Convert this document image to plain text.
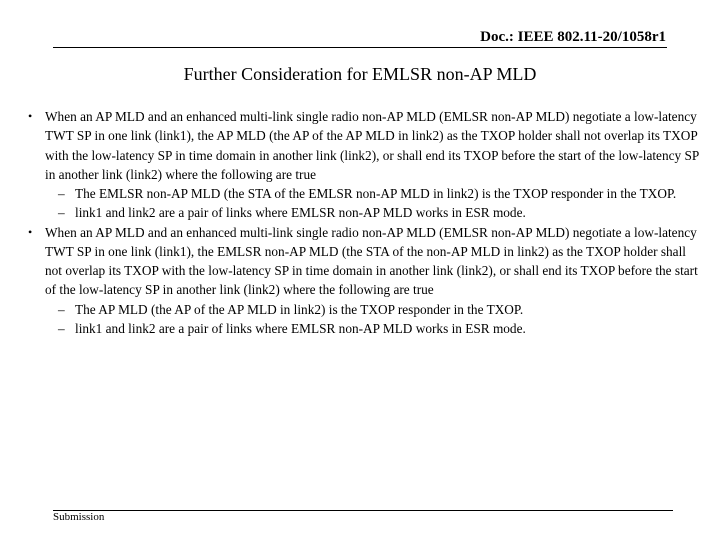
Doc.: IEEE 802.11-20/1058r1
Further Consideration for EMLSR non-AP MLD
• When an AP MLD and an enhanced multi-link single radio non-AP MLD (EMLSR non-AP MLD) negotiate a low-latency TWT SP in one link (link1), the AP MLD (the AP of the AP MLD in link2) as the TXOP holder shall not overlap its TXOP with the low-latency SP in time domain in another link (link2), or shall end its TXOP before the start of the low-latency SP in another link (link2) where the following are true
– The EMLSR non-AP MLD (the STA of the EMLSR non-AP MLD in link2) is the TXOP responder in the TXOP.
– link1 and link2 are a pair of links where EMLSR non-AP MLD works in ESR mode.
• When an AP MLD and an enhanced multi-link single radio non-AP MLD (EMLSR non-AP MLD) negotiate a low-latency TWT SP in one link (link1), the EMLSR non-AP MLD (the STA of the non-AP MLD in link2) as the TXOP holder shall not overlap its TXOP with the low-latency SP in time domain in another link (link2), or shall end its TXOP before the start of the low-latency SP in another link (link2) where the following are true
– The AP MLD (the AP of the AP MLD in link2) is the TXOP responder in the TXOP.
– link1 and link2 are a pair of links where EMLSR non-AP MLD works in ESR mode.
Submission
